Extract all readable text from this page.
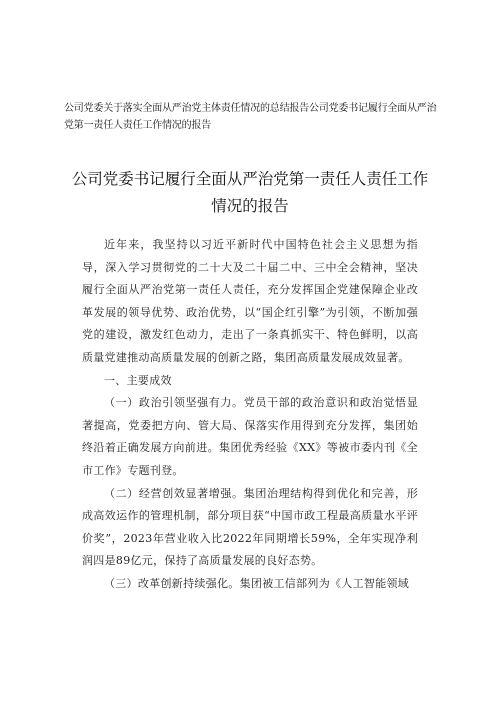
公司党委关于落实全面从严治党主体责任情况的总结报告公司党委书记履行全面从严治党第一责任人责任工作情况的报告

公司党委书记履行全面从严治党第一责任人责任工作情况的报告

近年来，我坚持以习近平新时代中国特色社会主义思想为指导，深入学习贯彻党的二十大及二十届二中、三中全会精神，坚决履行全面从严治党第一责任人责任，充分发挥国企党建保障企业改革发展的领导优势、政治优势，以“国企红引擎”为引领，不断加强党的建设，激发红色动力，走出了一条真抓实干、特色鲜明，以高质量党建推动高质量发展的创新之路，集团高质量发展成效显著。

一、主要成效

（一）政治引领坚强有力。党员干部的政治意识和政治觉悟显著提高，党委把方向、管大局、保落实作用得到充分发挥，集团始终沿着正确发展方向前进。集团优秀经验《XX》等被市委内刊《全市工作》专题刊登。

（二）经营创效显著增强。集团治理结构得到优化和完善，形成高效运作的管理机制，部分项目获“中国市政工程最高质量水平评价奖”，2023年营业收入比2022年同期增长59%，全年实现净利润四是89亿元，保持了高质量发展的良好态势。

（三）改革创新持续强化。集团被工信部列为《人工智能领域
